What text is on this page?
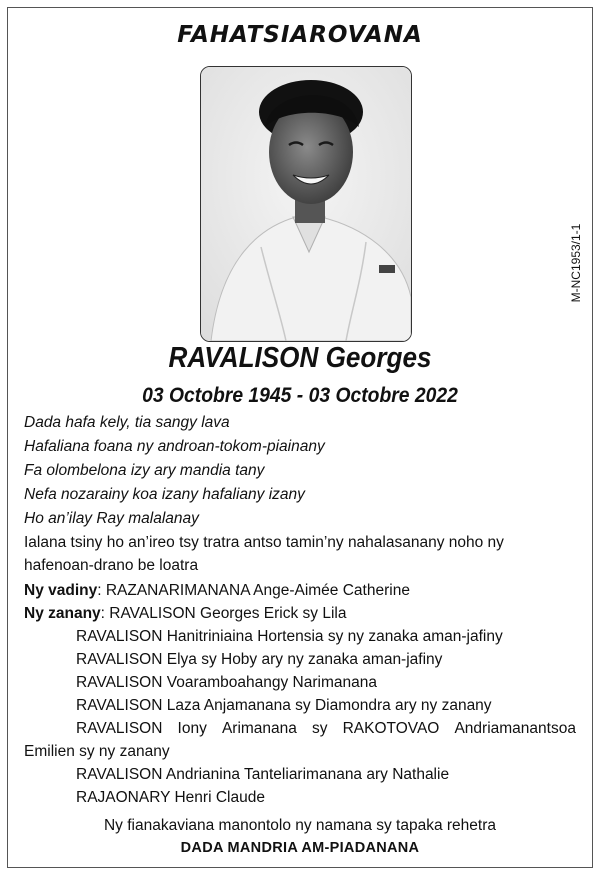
FAHATSIAROVANA
M-NC1953/1-1
RAVALISON Georges
03 Octobre 1945 - 03 Octobre 2022
Dada hafa kely, tia sangy lava
Hafaliana foana ny androan-tokom-piainany
Fa olombelona izy ary mandia tany
Nefa nozarainy koa izany hafaliany izany
Ho an’ilay Ray malalanay
Ialana tsiny ho an’ireo tsy tratra antso tamin’ny nahalasanany noho ny
hafenoan-drano be loatra
Ny vadiny: RAZANARIMANANA Ange-Aimée Catherine
Ny zanany: RAVALISON Georges Erick sy Lila
RAVALISON Hanitriniaina Hortensia sy ny zanaka aman-jafiny
RAVALISON Elya sy Hoby ary ny zanaka aman-jafiny
RAVALISON Voaramboahangy Narimanana
RAVALISON Laza Anjamanana sy Diamondra ary ny zanany
RAVALISON Iony Arimanana sy RAKOTOVAO Andriamanantsoa
Emilien sy ny zanany
RAVALISON Andrianina Tanteliarimanana ary Nathalie
RAJAONARY Henri Claude
Ny fianakaviana manontolo ny namana sy tapaka rehetra
DADA MANDRIA AM-PIADANANA
